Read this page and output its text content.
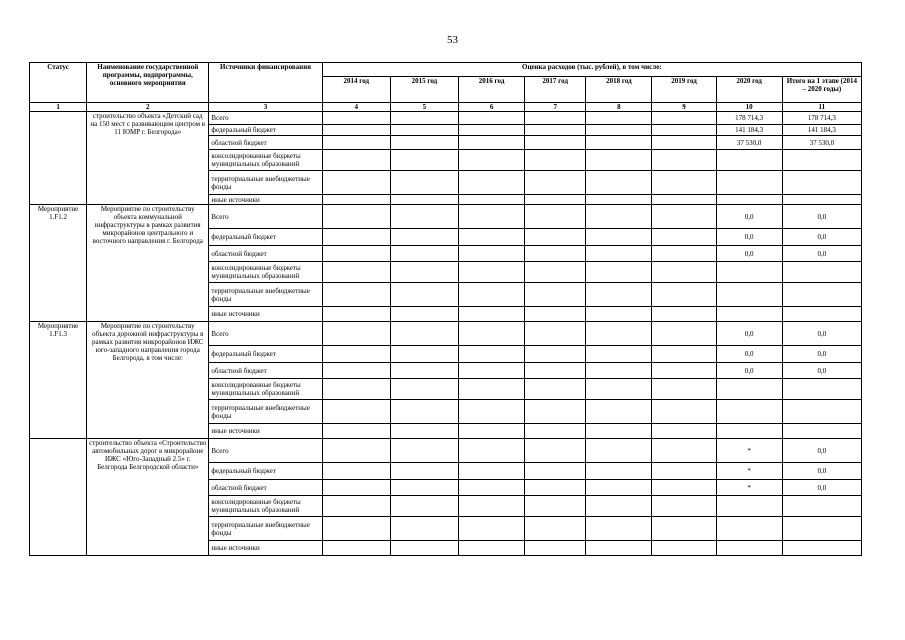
53
Статус	Наименование государственной программы, подпрограммы, основного мероприятия	Источники финансирования	Оценка расходов (тыс. рублей), в том числе:							
			2014 год	2015 год	2016 год	2017 год	2018 год	2019 год	2020 год	Итого на 1 этапе (2014 – 2020 годы)
1	2	3	4	5	6	7	8	9	10	11
	строительство объекта «Детский сад на 150 мест с развивающим центром в 11 ЮМР г. Белгорода»	Всего							178 714,3	178 714,3
		федеральный бюджет							141 184,3	141 184,3
		областной бюджет							37 530,0	37 530,0
		консолидированные бюджеты муниципальных образований								
		территориальные внебюджетные фонды								
		иные источники								
Мероприятие 1.F1.2	Мероприятие по строительству объекта коммунальной инфраструктуры в рамках развития микрорайонов центрального и восточного направления г. Белгорода	Всего							0,0	0,0
		федеральный бюджет							0,0	0,0
		областной бюджет							0,0	0,0
		консолидированные бюджеты муниципальных образований								
		территориальные внебюджетные фонды								
		иные источники								
Мероприятие 1.F1.3	Мероприятие по строительству объекта дорожной инфраструктуры в рамках развития микрорайонов ИЖС юго-западного направления города Белгорода, в том числе:	Всего							0,0	0,0
		федеральный бюджет							0,0	0,0
		областной бюджет							0,0	0,0
		консолидированные бюджеты муниципальных образований								
		территориальные внебюджетные фонды								
		иные источники								
	строительство объекта «Строительство автомобильных дорог в микрорайоне ИЖС «Юго-Западный 2.5» г. Белгорода Белгородской области»	Всего							*	0,0
		федеральный бюджет							*	0,0
		областной бюджет							*	0,0
		консолидированные бюджеты муниципальных образований								
		территориальные внебюджетные фонды								
		иные источники								
